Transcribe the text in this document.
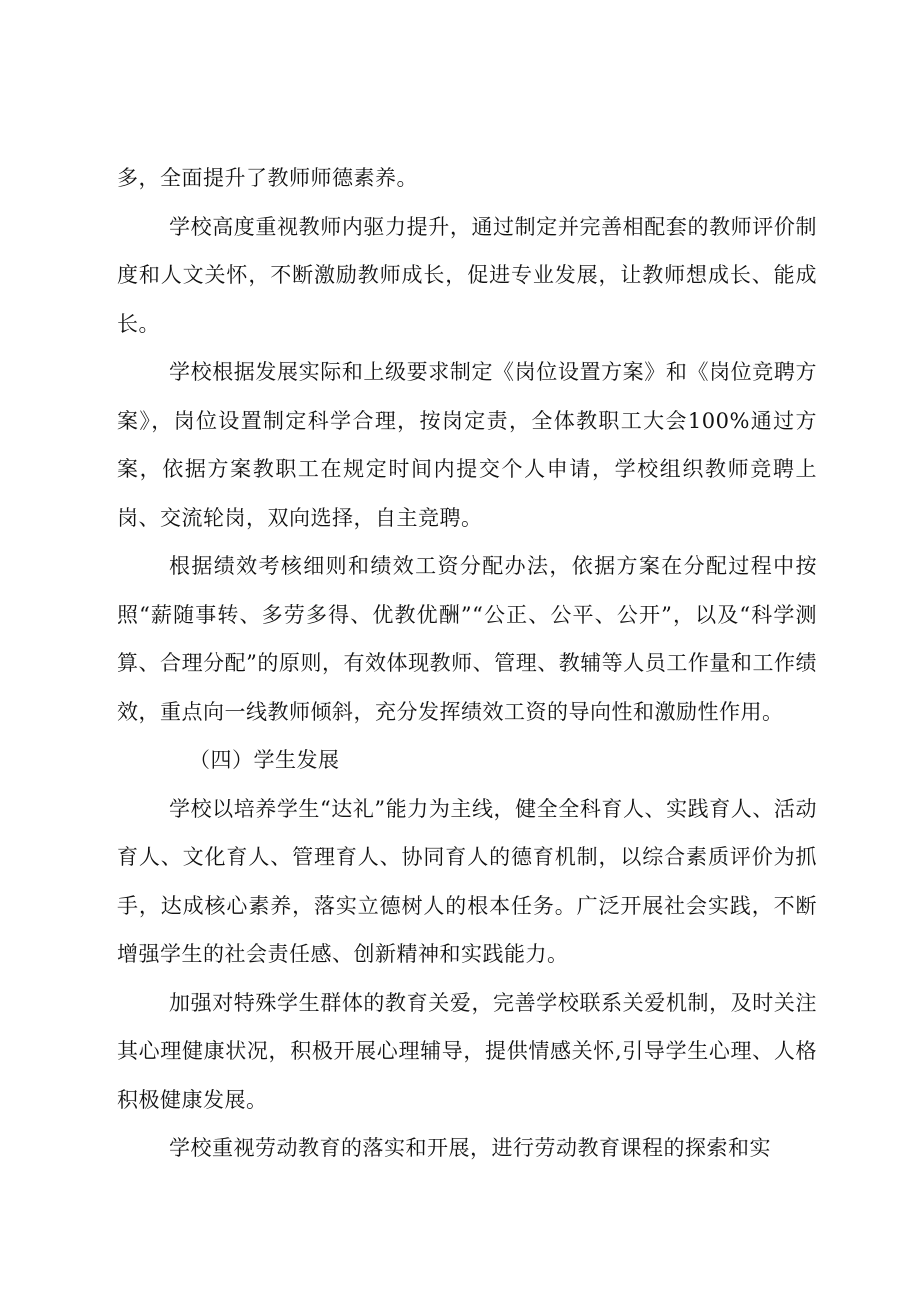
多，全面提升了教师师德素养。

学校高度重视教师内驱力提升，通过制定并完善相配套的教师评价制度和人文关怀，不断激励教师成长，促进专业发展，让教师想成长、能成长。

学校根据发展实际和上级要求制定《岗位设置方案》和《岗位竞聘方案》，岗位设置制定科学合理，按岗定责，全体教职工大会100%通过方案，依据方案教职工在规定时间内提交个人申请，学校组织教师竞聘上岗、交流轮岗，双向选择，自主竞聘。

根据绩效考核细则和绩效工资分配办法，依据方案在分配过程中按照“薪随事转、多劳多得、优教优酬”“公正、公平、公开”，以及“科学测算、合理分配”的原则，有效体现教师、管理、教辅等人员工作量和工作绩效，重点向一线教师倾斜，充分发挥绩效工资的导向性和激励性作用。

（四）学生发展

学校以培养学生“达礼”能力为主线，健全全科育人、实践育人、活动育人、文化育人、管理育人、协同育人的德育机制，以综合素质评价为抓手，达成核心素养，落实立德树人的根本任务。广泛开展社会实践，不断增强学生的社会责任感、创新精神和实践能力。

加强对特殊学生群体的教育关爱，完善学校联系关爱机制，及时关注其心理健康状况，积极开展心理辅导，提供情感关怀,引导学生心理、人格积极健康发展。

学校重视劳动教育的落实和开展，进行劳动教育课程的探索和实
